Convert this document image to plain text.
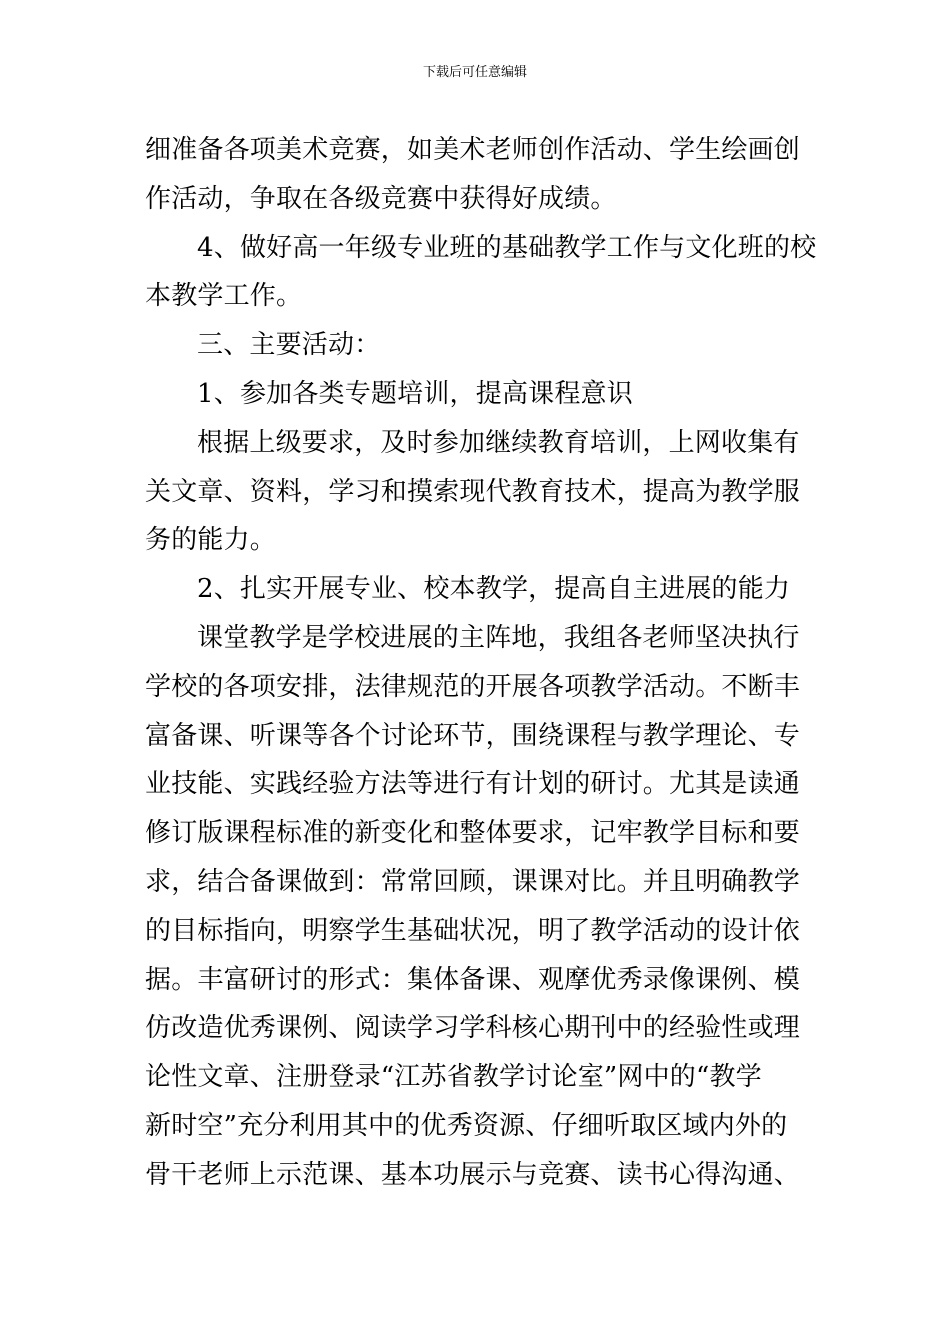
下载后可任意编辑
细准备各项美术竞赛，如美术老师创作活动、学生绘画创
作活动，争取在各级竞赛中获得好成绩。
4、做好高一年级专业班的基础教学工作与文化班的校
本教学工作。
三、主要活动：
1、参加各类专题培训，提高课程意识
根据上级要求，及时参加继续教育培训，上网收集有
关文章、资料，学习和摸索现代教育技术，提高为教学服
务的能力。
2、扎实开展专业、校本教学，提高自主进展的能力
课堂教学是学校进展的主阵地，我组各老师坚决执行
学校的各项安排，法律规范的开展各项教学活动。不断丰
富备课、听课等各个讨论环节，围绕课程与教学理论、专
业技能、实践经验方法等进行有计划的研讨。尤其是读通
修订版课程标准的新变化和整体要求，记牢教学目标和要
求，结合备课做到：常常回顾，课课对比。并且明确教学
的目标指向，明察学生基础状况，明了教学活动的设计依
据。丰富研讨的形式：集体备课、观摩优秀录像课例、模
仿改造优秀课例、阅读学习学科核心期刊中的经验性或理
论性文章、注册登录“江苏省教学讨论室”网中的“教学
新时空”充分利用其中的优秀资源、仔细听取区域内外的
骨干老师上示范课、基本功展示与竞赛、读书心得沟通、
